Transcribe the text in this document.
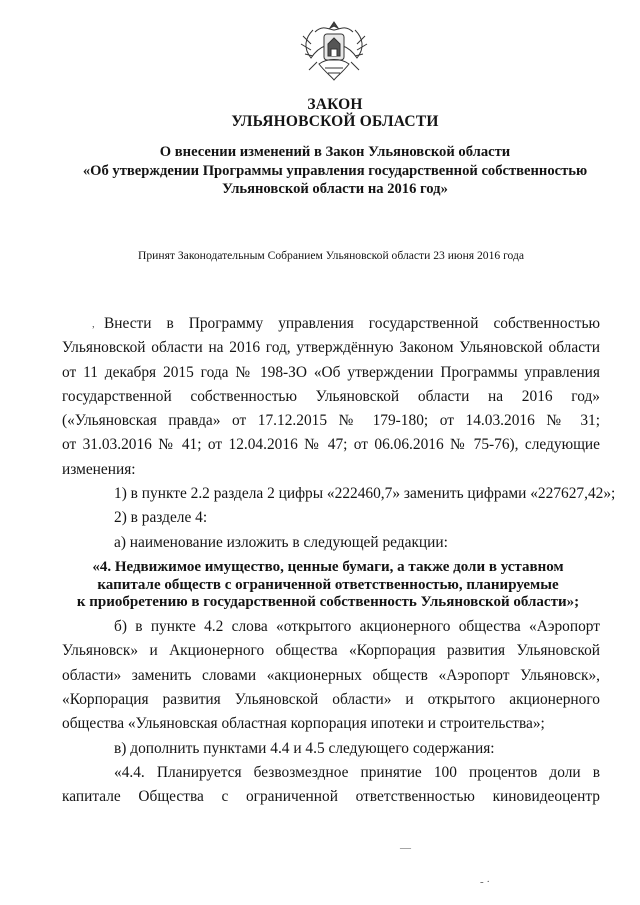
ЗАКОН
УЛЬЯНОВСКОЙ ОБЛАСТИ
О внесении изменений в Закон Ульяновской области
«Об утверждении Программы управления государственной собственностью
Ульяновской области на 2016 год»
Принят Законодательным Собранием Ульяновской области 23 июня 2016 года
, Внести в Программу управления государственной собственностью
Ульяновской области на 2016 год, утверждённую Законом Ульяновской области
от 11 декабря 2015 года № 198-ЗО «Об утверждении Программы управления
государственной собственностью Ульяновской области на 2016 год»
(«Ульяновская правда» от 17.12.2015 № 179-180; от 14.03.2016 № 31;
от 31.03.2016 № 41; от 12.04.2016 № 47; от 06.06.2016 № 75-76), следующие
изменения:
1) в пункте 2.2 раздела 2 цифры «222460,7» заменить цифрами «227627,42»;
2) в разделе 4:
а) наименование изложить в следующей редакции:
«4. Недвижимое имущество, ценные бумаги, а также доли в уставном
капитале обществ с ограниченной ответственностью, планируемые
к приобретению в государственной собственность Ульяновской области»;
б) в пункте 4.2 слова «открытого акционерного общества «Аэропорт
Ульяновск» и Акционерного общества «Корпорация развития Ульяновской
области» заменить словами «акционерных обществ «Аэропорт Ульяновск»,
«Корпорация развития Ульяновской области» и открытого акционерного
общества «Ульяновская областная корпорация ипотеки и строительства»;
в) дополнить пунктами 4.4 и 4.5 следующего содержания:
«4.4. Планируется безвозмездное принятие 100 процентов доли в
капитале Общества с ограниченной ответственностью киновидеоцентр
—
- ·
